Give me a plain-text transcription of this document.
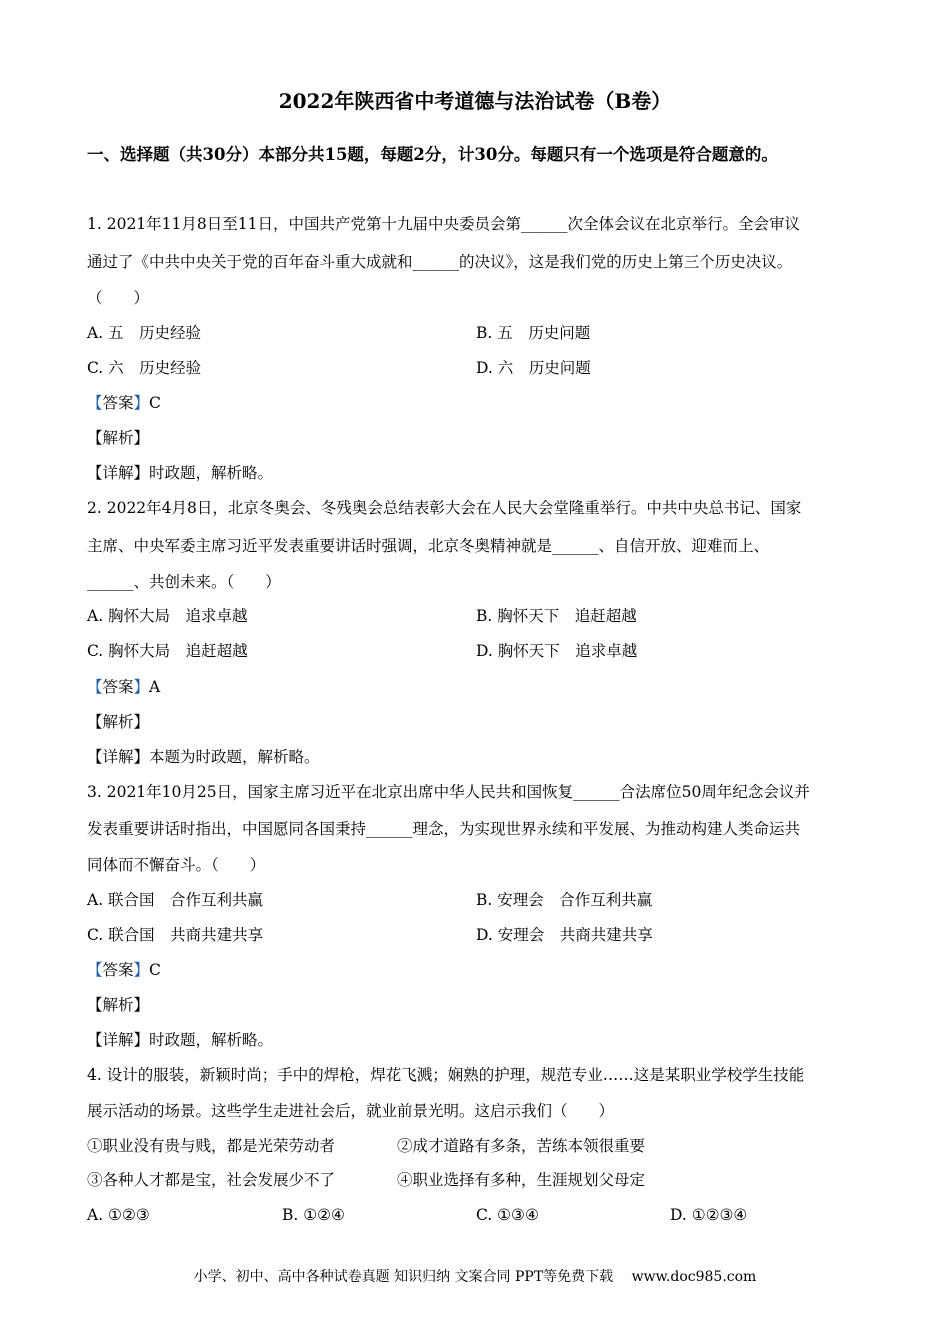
2022年陕西省中考道德与法治试卷（B卷）
一、选择题（共30分）本部分共15题，每题2分，计30分。每题只有一个选项是符合题意的。
1. 2021年11月8日至11日，中国共产党第十九届中央委员会第______次全体会议在北京举行。全会审议
通过了《中共中央关于党的百年奋斗重大成就和______的决议》，这是我们党的历史上第三个历史决议。
（　　）
A. 五　历史经验	B. 五　历史问题
C. 六　历史经验	D. 六　历史问题
【答案】C
【解析】
【详解】时政题，解析略。
2. 2022年4月8日，北京冬奥会、冬残奥会总结表彰大会在人民大会堂隆重举行。中共中央总书记、国家
主席、中央军委主席习近平发表重要讲话时强调，北京冬奥精神就是______、自信开放、迎难而上、
______、共创未来。（　　）
A. 胸怀大局　追求卓越	B. 胸怀天下　追赶超越
C. 胸怀大局　追赶超越	D. 胸怀天下　追求卓越
【答案】A
【解析】
【详解】本题为时政题，解析略。
3. 2021年10月25日，国家主席习近平在北京出席中华人民共和国恢复______合法席位50周年纪念会议并
发表重要讲话时指出，中国愿同各国秉持______理念，为实现世界永续和平发展、为推动构建人类命运共
同体而不懈奋斗。（　　）
A. 联合国　合作互利共赢	B. 安理会　合作互利共赢
C. 联合国　共商共建共享	D. 安理会　共商共建共享
【答案】C
【解析】
【详解】时政题，解析略。
4. 设计的服装，新颖时尚；手中的焊枪，焊花飞溅；娴熟的护理，规范专业……这是某职业学校学生技能
展示活动的场景。这些学生走进社会后，就业前景光明。这启示我们（　　）
①职业没有贵与贱，都是光荣劳动者	②成才道路有多条，苦练本领很重要
③各种人才都是宝，社会发展少不了	④职业选择有多种，生涯规划父母定
A. ①②③	B. ①②④	C. ①③④	D. ①②③④
小学、初中、高中各种试卷真题 知识归纳 文案合同 PPT等免费下载　 www.doc985.com
